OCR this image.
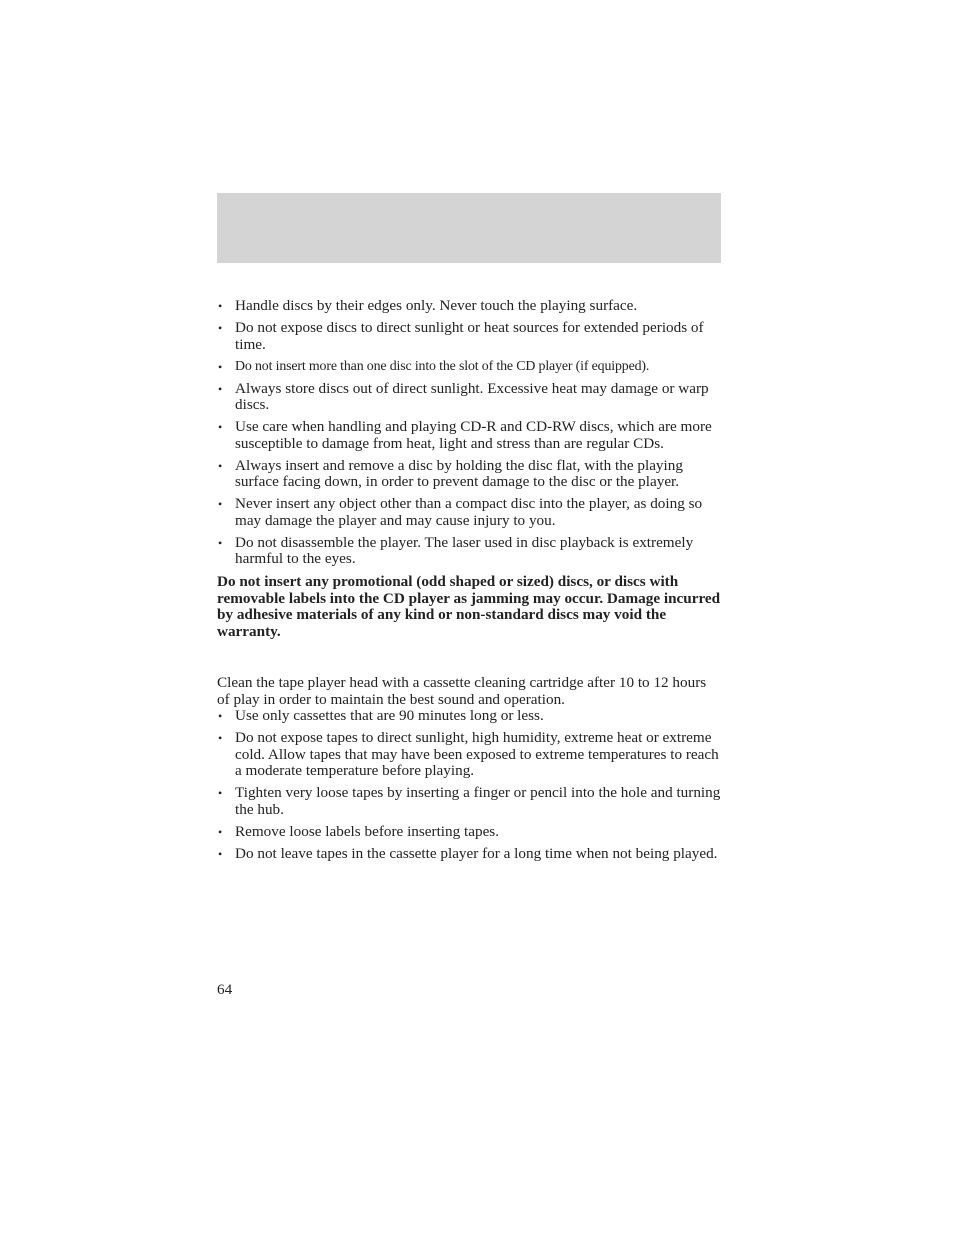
• Handle discs by their edges only. Never touch the playing surface.
• Do not expose discs to direct sunlight or heat sources for extended periods of time.
• Do not insert more than one disc into the slot of the CD player (if equipped).
• Always store discs out of direct sunlight. Excessive heat may damage or warp discs.
• Use care when handling and playing CD-R and CD-RW discs, which are more susceptible to damage from heat, light and stress than are regular CDs.
• Always insert and remove a disc by holding the disc flat, with the playing surface facing down, in order to prevent damage to the disc or the player.
• Never insert any object other than a compact disc into the player, as doing so may damage the player and may cause injury to you.
• Do not disassemble the player. The laser used in disc playback is extremely harmful to the eyes.

Do not insert any promotional (odd shaped or sized) discs, or discs with removable labels into the CD player as jamming may occur. Damage incurred by adhesive materials of any kind or non-standard discs may void the warranty.

Clean the tape player head with a cassette cleaning cartridge after 10 to 12 hours of play in order to maintain the best sound and operation.

• Use only cassettes that are 90 minutes long or less.
• Do not expose tapes to direct sunlight, high humidity, extreme heat or extreme cold. Allow tapes that may have been exposed to extreme temperatures to reach a moderate temperature before playing.
• Tighten very loose tapes by inserting a finger or pencil into the hole and turning the hub.
• Remove loose labels before inserting tapes.
• Do not leave tapes in the cassette player for a long time when not being played.
64
